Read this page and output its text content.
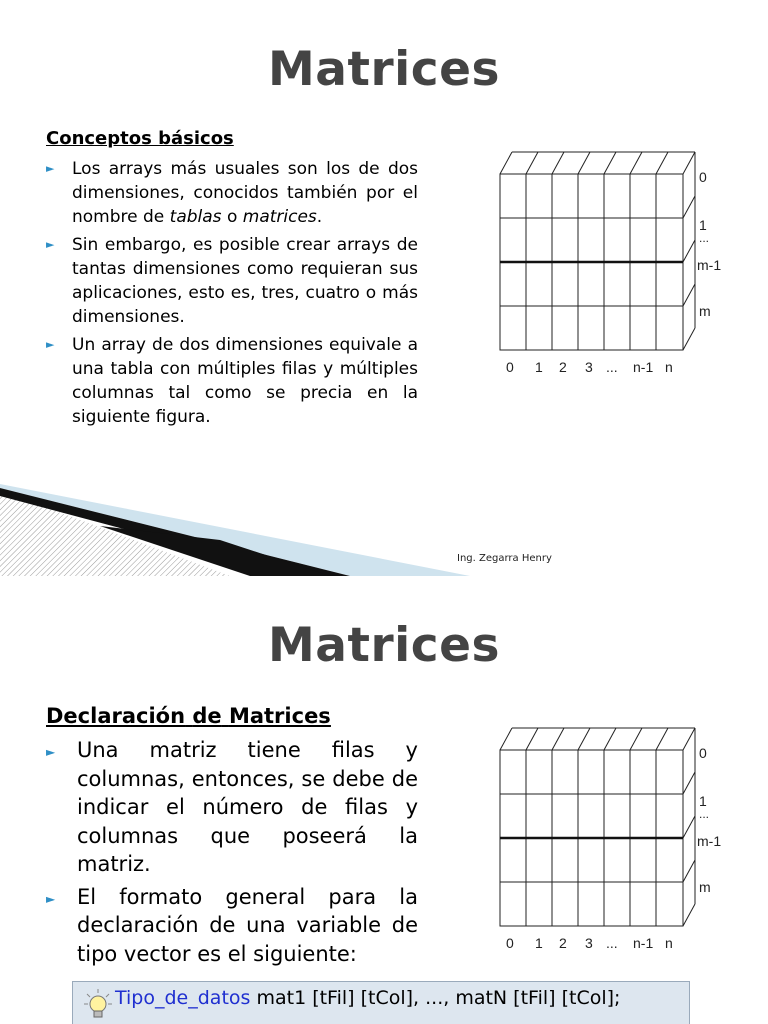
Matrices

Conceptos básicos

► Los arrays más usuales son los de dos dimensiones, conocidos también por el nombre de tablas o matrices.
► Sin embargo, es posible crear arrays de tantas dimensiones como requieran sus aplicaciones, esto es, tres, cuatro o más dimensiones.
► Un array de dos dimensiones equivale a una tabla con múltiples filas y múltiples columnas tal como se precia en la siguiente figura.
0
1
...
m-1
m
0 1 2 3 ... n-1 n

Ing. Zegarra Henry

Matrices

Declaración de Matrices

► Una matriz tiene filas y columnas, entonces, se debe de indicar el número de filas y columnas que poseerá la matriz.
► El formato general para la declaración de una variable de tipo vector es el siguiente:
0
1
...
m-1
m
0 1 2 3 ... n-1 n
Tipo_de_datos mat1 [tFil] [tCol], ..., matN [tFil] [tCol];
